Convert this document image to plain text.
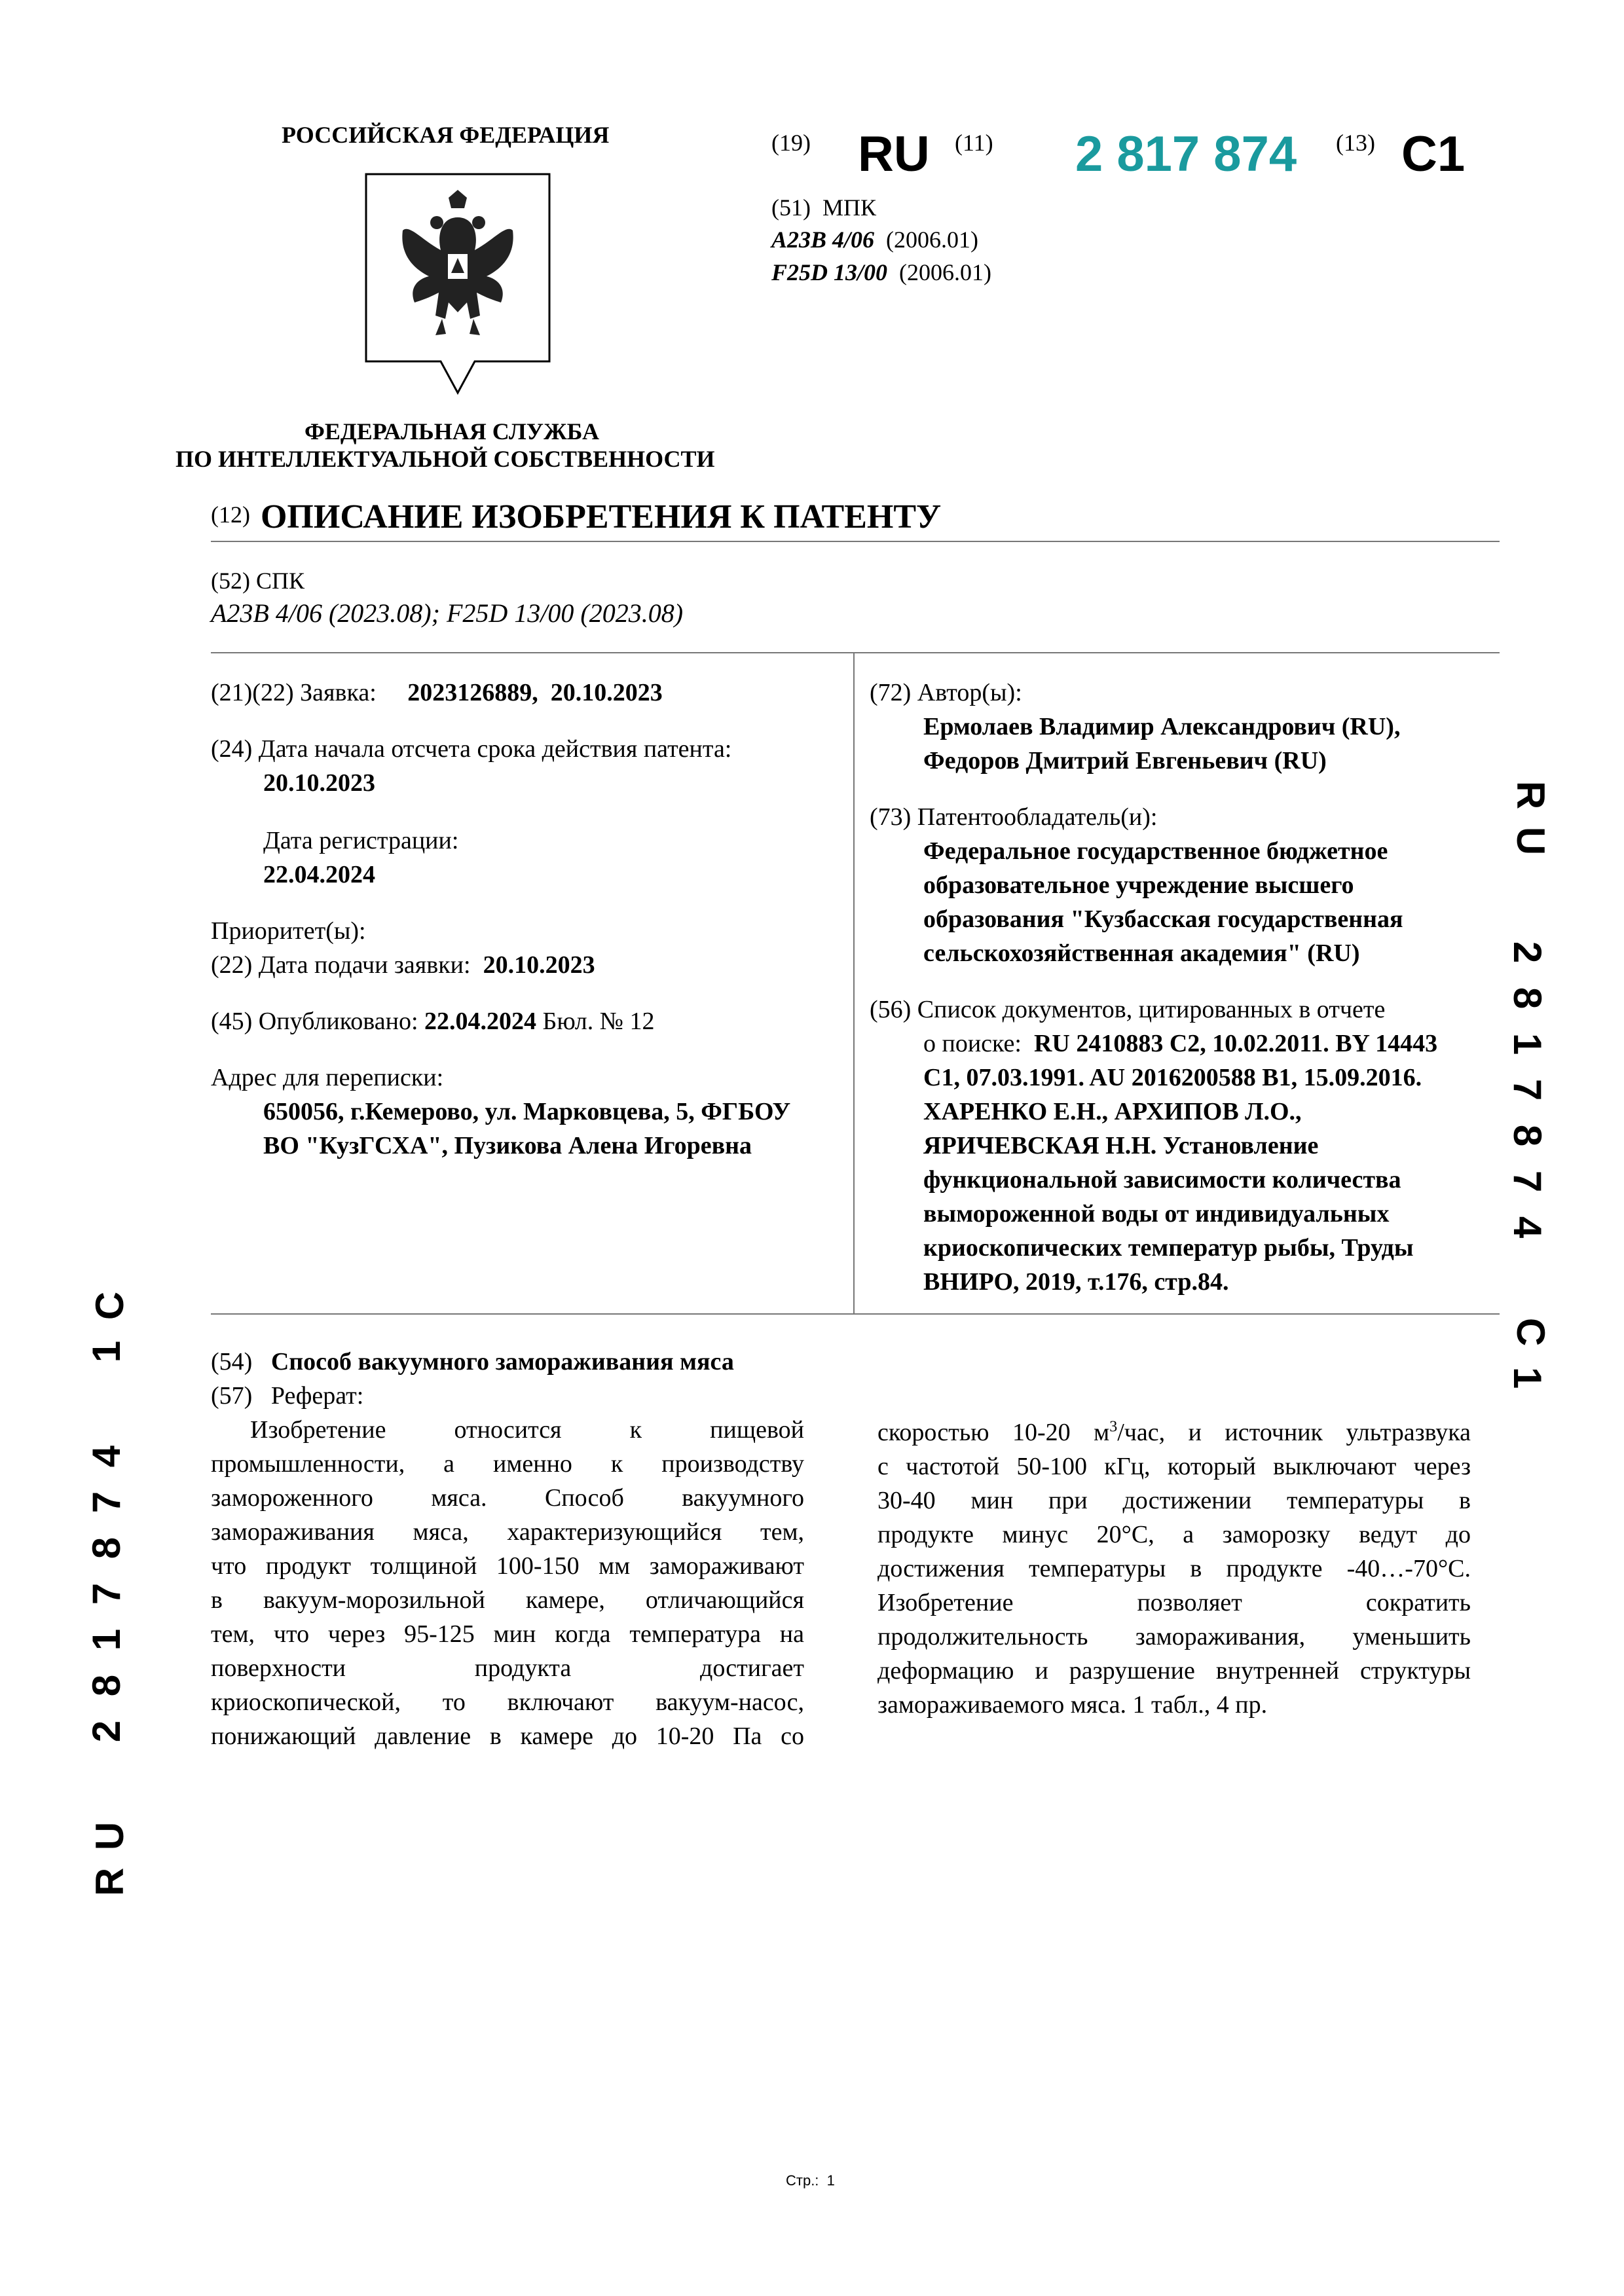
РОССИЙСКАЯ ФЕДЕРАЦИЯ
ФЕДЕРАЛЬНАЯ СЛУЖБА
ПО ИНТЕЛЛЕКТУАЛЬНОЙ СОБСТВЕННОСТИ
(19) RU (11) 2 817 874 (13) C1
(51) МПК
A23B 4/06 (2006.01)
F25D 13/00 (2006.01)
(12) ОПИСАНИЕ ИЗОБРЕТЕНИЯ К ПАТЕНТУ
(52) СПК
A23B 4/06 (2023.08); F25D 13/00 (2023.08)
(21)(22) Заявка: 2023126889, 20.10.2023
(24) Дата начала отсчета срока действия патента:
20.10.2023
Дата регистрации:
22.04.2024
Приоритет(ы):
(22) Дата подачи заявки: 20.10.2023
(45) Опубликовано: 22.04.2024 Бюл. № 12
Адрес для переписки:
650056, г.Кемерово, ул. Марковцева, 5, ФГБОУ
ВО "КузГСХА", Пузикова Алена Игоревна
(72) Автор(ы):
Ермолаев Владимир Александрович (RU),
Федоров Дмитрий Евгеньевич (RU)
(73) Патентообладатель(и):
Федеральное государственное бюджетное
образовательное учреждение высшего
образования "Кузбасская государственная
сельскохозяйственная академия" (RU)
(56) Список документов, цитированных в отчете
о поиске: RU 2410883 C2, 10.02.2011. BY 14443
C1, 07.03.1991. AU 2016200588 B1, 15.09.2016.
ХАРЕНКО Е.Н., АРХИПОВ Л.О.,
ЯРИЧЕВСКАЯ Н.Н. Установление
функциональной зависимости количества
вымороженной воды от индивидуальных
криоскопических температур рыбы, Труды
ВНИРО, 2019, т.176, стр.84.
(54) Способ вакуумного замораживания мяса
(57) Реферат:
Изобретение относится к пищевой
промышленности, а именно к производству
замороженного мяса. Способ вакуумного
замораживания мяса, характеризующийся тем,
что продукт толщиной 100-150 мм замораживают
в вакуум-морозильной камере, отличающийся
тем, что через 95-125 мин когда температура на
поверхности продукта достигает
криоскопической, то включают вакуум-насос,
понижающий давление в камере до 10-20 Па со
скоростью 10-20 $м^3$/час, и источник ультразвука
с частотой 50-100 кГц, который выключают через
30-40 мин при достижении температуры в
продукте минус 20°C, а заморозку ведут до
достижения температуры в продукте -40…-70°C.
Изобретение позволяет сократить
продолжительность замораживания, уменьшить
деформацию и разрушение внутренней структуры
замораживаемого мяса. 1 табл., 4 пр.
R
U
2
8
1
7
8
7
4
C
1
C
1
4
7
8
7
1
8
2
U
R
Стр.: 1
